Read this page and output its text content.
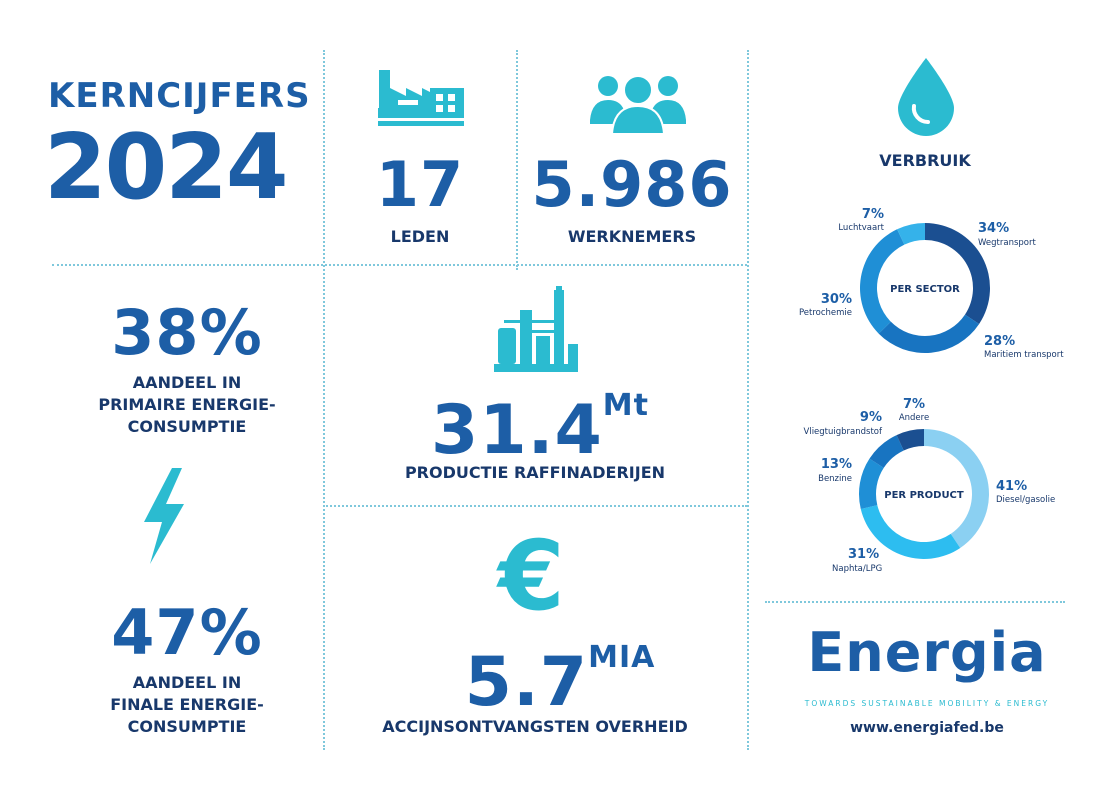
KERNCIJFERS
2024	17
LEDEN
5.986
WERKNEMERS
38%
AANDEEL IN
PRIMAIRE ENERGIE-
CONSUMPTIE
47%
AANDEEL IN
FINALE ENERGIE-
CONSUMPTIE
31.4Mt
PRODUCTIE RAFFINADERIJEN
€
5.7MIA
ACCIJNSONTVANGSTEN OVERHEID
VERBRUIK
PER SECTOR
34%
Wegtransport
28%
Maritiem transport
30%
Petrochemie
7%
Luchtvaart
PER PRODUCT
41%
Diesel/gasolie
31%
Naphta/LPG
13%
Benzine
9%
Vliegtuigbrandstof
7%
Andere
Energia
TOWARDS SUSTAINABLE MOBILITY & ENERGY
www.energiafed.be
